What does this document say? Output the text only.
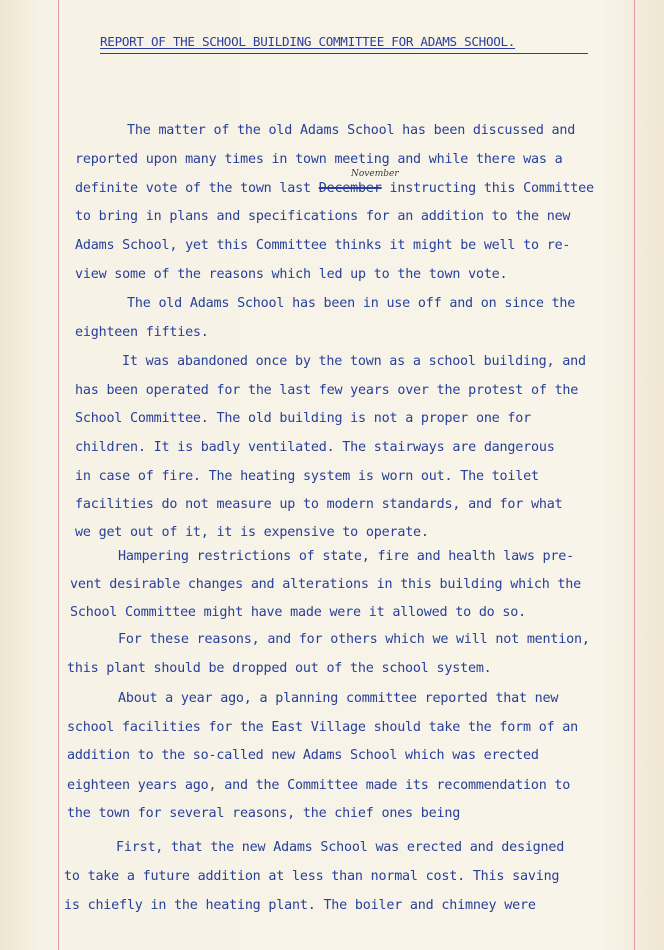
REPORT OF THE SCHOOL BUILDING COMMITTEE FOR ADAMS SCHOOL.
The matter of the old Adams School has been discussed and
reported upon many times in town meeting and while there was a
November
definite vote of the town last December instructing this Committee
to bring in plans and specifications for an addition to the new
Adams School, yet this Committee thinks it might be well to re-
view some of the reasons which led up to the town vote.
The old Adams School has been in use off and on since the
eighteen fifties.
It was abandoned once by the town as a school building, and
has been operated for the last few years over the protest of the
School Committee. The old building is not a proper one for
children. It is badly ventilated. The stairways are dangerous
in case of fire. The heating system is worn out. The toilet
facilities do not measure up to modern standards, and for what
we get out of it, it is expensive to operate.
Hampering restrictions of state, fire and health laws pre-
vent desirable changes and alterations in this building which the
School Committee might have made were it allowed to do so.
For these reasons, and for others which we will not mention,
this plant should be dropped out of the school system.
About a year ago, a planning committee reported that new
school facilities for the East Village should take the form of an
addition to the so-called new Adams School which was erected
eighteen years ago, and the Committee made its recommendation to
the town for several reasons, the chief ones being
First, that the new Adams School was erected and designed
to take a future addition at less than normal cost. This saving
is chiefly in the heating plant. The boiler and chimney were
